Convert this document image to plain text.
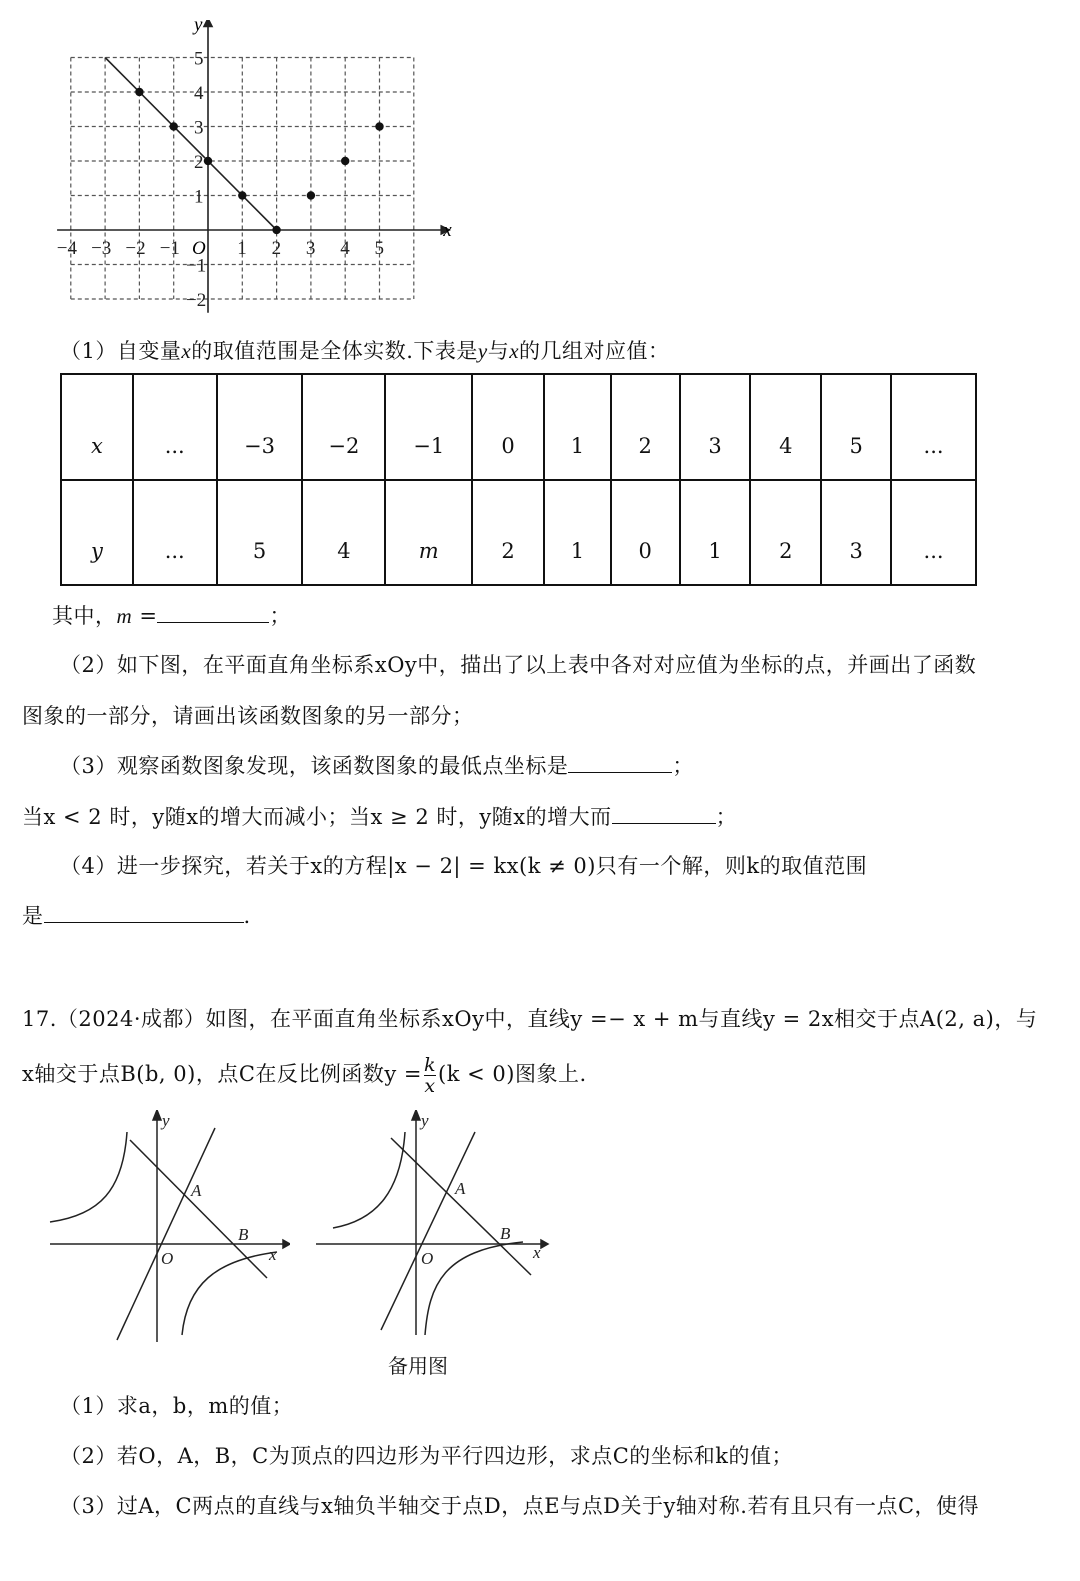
−4 −3 −2 −1	1 2 3 4 5
5
4
3
2
1
−1
−2
x
y
O
（1）自变量x的取值范围是全体实数.下表是y与x的几组对应值：
x	...	−3	−2	−1	0	1	2	3	4	5	...
y	...	5	4	m	2	1	0	1	2	3	...
其中，m =	；
（2）如下图，在平面直角坐标系xOy中，描出了以上表中各对对应值为坐标的点，并画出了函数
图象的一部分，请画出该函数图象的另一部分；
（3）观察函数图象发现，该函数图象的最低点坐标是	；
当x < 2 时，y随x的增大而减小；当x ≥ 2 时，y随x的增大而	；
（4）进一步探究，若关于x的方程|x − 2| = kx(k ≠ 0)只有一个解，则k的取值范围
是	.
17.（2024·成都）如图，在平面直角坐标系xOy中，直线y =− x + m与直线y = 2x相交于点A(2, a)，与
x轴交于点B(b, 0)，点C在反比例函数$y = \frac{k}{x} (k < 0)$图象上.
y
x
O
A
B
y
x
O
A
B
备用图
（1）求a，b，m的值；
（2）若O，A，B，C为顶点的四边形为平行四边形，求点C的坐标和k的值；
（3）过A，C两点的直线与x轴负半轴交于点D，点E与点D关于y轴对称.若有且只有一点C，使得
